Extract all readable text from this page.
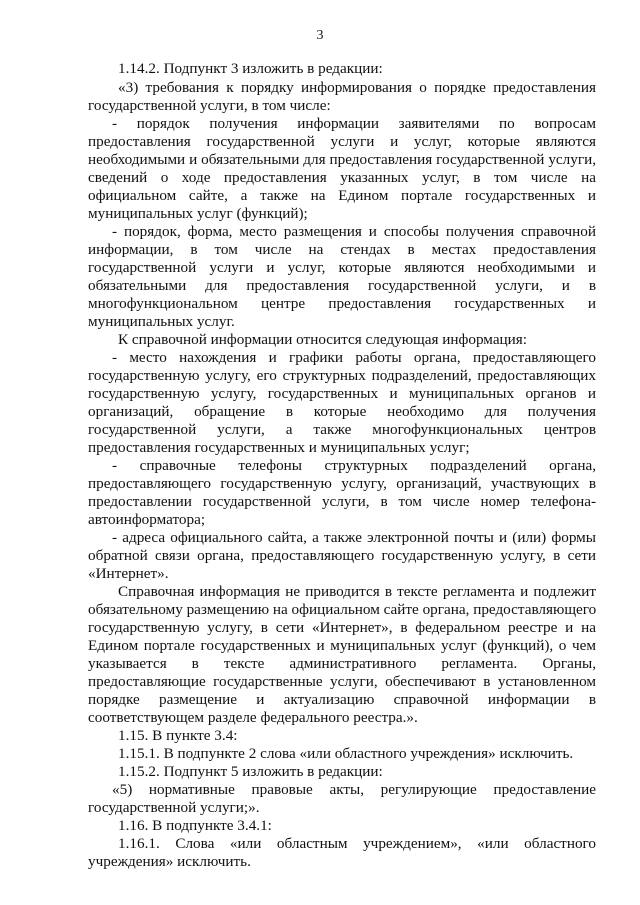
3
1.14.2. Подпункт 3 изложить в редакции:
«3) требования к порядку информирования о порядке предоставления
государственной услуги, в том числе:
- порядок получения информации заявителями по вопросам
предоставления государственной услуги и услуг, которые являются
необходимыми и обязательными для предоставления государственной услуги,
сведений о ходе предоставления указанных услуг, в том числе на
официальном сайте, а также на Едином портале государственных и
муниципальных услуг (функций);
- порядок, форма, место размещения и способы получения справочной
информации, в том числе на стендах в местах предоставления
государственной услуги и услуг, которые являются необходимыми и
обязательными для предоставления государственной услуги, и в
многофункциональном центре предоставления государственных и
муниципальных услуг.
К справочной информации относится следующая информация:
- место нахождения и графики работы органа, предоставляющего
государственную услугу, его структурных подразделений, предоставляющих
государственную услугу, государственных и муниципальных органов и
организаций, обращение в которые необходимо для получения
государственной услуги, а также многофункциональных центров
предоставления государственных и муниципальных услуг;
- справочные телефоны структурных подразделений органа,
предоставляющего государственную услугу, организаций, участвующих в
предоставлении государственной услуги, в том числе номер телефона-
автоинформатора;
- адреса официального сайта, а также электронной почты и (или) формы
обратной связи органа, предоставляющего государственную услугу, в сети
«Интернет».
Справочная информация не приводится в тексте регламента и подлежит
обязательному размещению на официальном сайте органа, предоставляющего
государственную услугу, в сети «Интернет», в федеральном реестре и на
Едином портале государственных и муниципальных услуг (функций), о чем
указывается в тексте административного регламента. Органы,
предоставляющие государственные услуги, обеспечивают в установленном
порядке размещение и актуализацию справочной информации в
соответствующем разделе федерального реестра.».
1.15. В пункте 3.4:
1.15.1. В подпункте 2 слова «или областного учреждения» исключить.
1.15.2. Подпункт 5 изложить в редакции:
«5) нормативные правовые акты, регулирующие предоставление
государственной услуги;».
1.16. В подпункте 3.4.1:
1.16.1. Слова «или областным учреждением», «или областного
учреждения» исключить.
